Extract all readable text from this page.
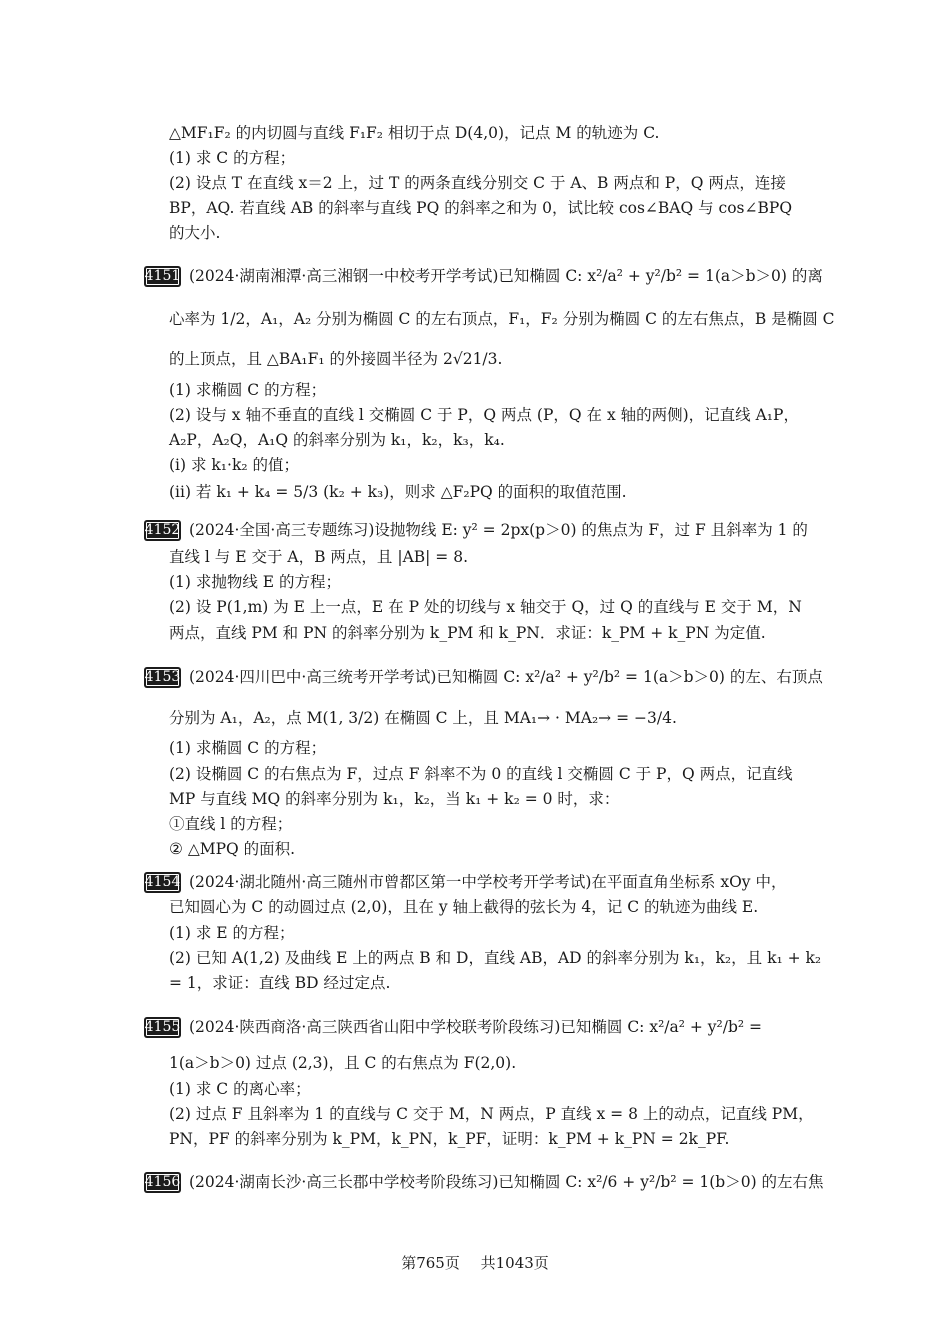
△MF₁F₂ 的内切圆与直线 F₁F₂ 相切于点 D(4,0)，记点 M 的轨迹为 C.
(1) 求 C 的方程；
(2) 设点 T 在直线 x＝2 上，过 T 的两条直线分别交 C 于 A、B 两点和 P，Q 两点，连接
BP，AQ. 若直线 AB 的斜率与直线 PQ 的斜率之和为 0，试比较 cos∠BAQ 与 cos∠BPQ
的大小.
4151 (2024·湖南湘潭·高三湘钢一中校考开学考试)已知椭圆 C: x²/a² + y²/b² = 1(a＞b＞0) 的离
心率为 1/2，A₁，A₂ 分别为椭圆 C 的左右顶点，F₁，F₂ 分别为椭圆 C 的左右焦点，B 是椭圆 C
的上顶点，且 △BA₁F₁ 的外接圆半径为 2√21/3.
(1) 求椭圆 C 的方程；
(2) 设与 x 轴不垂直的直线 l 交椭圆 C 于 P，Q 两点 (P，Q 在 x 轴的两侧)，记直线 A₁P，
A₂P，A₂Q，A₁Q 的斜率分别为 k₁，k₂，k₃，k₄.
(i) 求 k₁·k₂ 的值；
(ii) 若 k₁ + k₄ = 5/3 (k₂ + k₃)，则求 △F₂PQ 的面积的取值范围.
4152 (2024·全国·高三专题练习)设抛物线 E: y² = 2px(p＞0) 的焦点为 F，过 F 且斜率为 1 的
直线 l 与 E 交于 A，B 两点，且 |AB| = 8.
(1) 求抛物线 E 的方程；
(2) 设 P(1,m) 为 E 上一点，E 在 P 处的切线与 x 轴交于 Q，过 Q 的直线与 E 交于 M，N
两点，直线 PM 和 PN 的斜率分别为 k_PM 和 k_PN．求证：k_PM + k_PN 为定值.
4153 (2024·四川巴中·高三统考开学考试)已知椭圆 C: x²/a² + y²/b² = 1(a＞b＞0) 的左、右顶点
分别为 A₁，A₂，点 M(1, 3/2) 在椭圆 C 上，且 MA₁→ · MA₂→ = −3/4.
(1) 求椭圆 C 的方程；
(2) 设椭圆 C 的右焦点为 F，过点 F 斜率不为 0 的直线 l 交椭圆 C 于 P，Q 两点，记直线
MP 与直线 MQ 的斜率分别为 k₁，k₂，当 k₁ + k₂ = 0 时，求：
①直线 l 的方程；
② △MPQ 的面积.
4154 (2024·湖北随州·高三随州市曾都区第一中学校考开学考试)在平面直角坐标系 xOy 中，
已知圆心为 C 的动圆过点 (2,0)，且在 y 轴上截得的弦长为 4，记 C 的轨迹为曲线 E.
(1) 求 E 的方程；
(2) 已知 A(1,2) 及曲线 E 上的两点 B 和 D，直线 AB，AD 的斜率分别为 k₁，k₂，且 k₁ + k₂
= 1，求证：直线 BD 经过定点.
4155 (2024·陕西商洛·高三陕西省山阳中学校联考阶段练习)已知椭圆 C: x²/a² + y²/b² =
1(a＞b＞0) 过点 (2,3)，且 C 的右焦点为 F(2,0).
(1) 求 C 的离心率；
(2) 过点 F 且斜率为 1 的直线与 C 交于 M，N 两点，P 直线 x = 8 上的动点，记直线 PM，
PN，PF 的斜率分别为 k_PM，k_PN，k_PF，证明：k_PM + k_PN = 2k_PF.
4156 (2024·湖南长沙·高三长郡中学校考阶段练习)已知椭圆 C: x²/6 + y²/b² = 1(b＞0) 的左右焦
第765页 共1043页
